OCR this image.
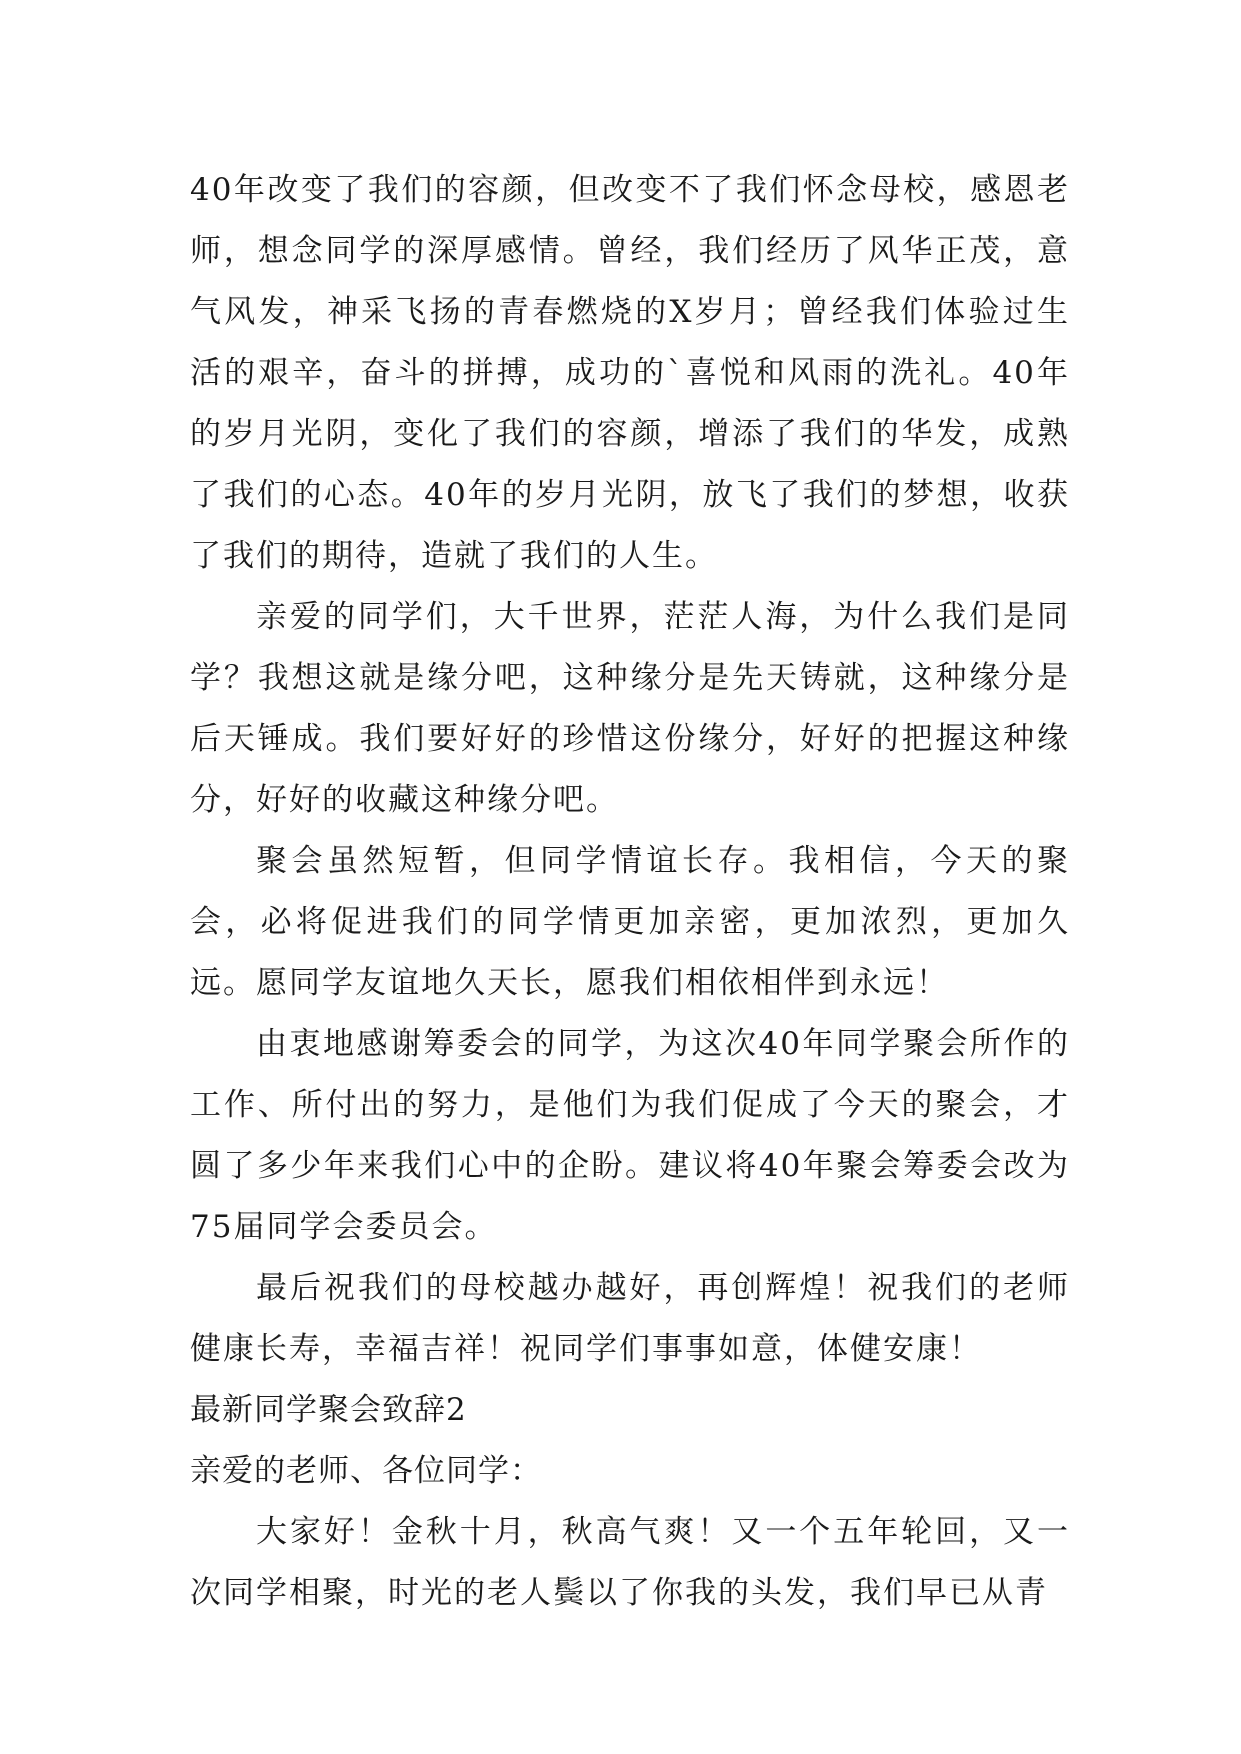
40年改变了我们的容颜，但改变不了我们怀念母校，感恩老师，想念同学的深厚感情。曾经，我们经历了风华正茂，意气风发，神采飞扬的青春燃烧的X岁月；曾经我们体验过生活的艰辛，奋斗的拼搏，成功的`喜悦和风雨的洗礼。40年的岁月光阴，变化了我们的容颜，增添了我们的华发，成熟了我们的心态。40年的岁月光阴，放飞了我们的梦想，收获了我们的期待，造就了我们的人生。

亲爱的同学们，大千世界，茫茫人海，为什么我们是同学？我想这就是缘分吧，这种缘分是先天铸就，这种缘分是后天锤成。我们要好好的珍惜这份缘分，好好的把握这种缘分，好好的收藏这种缘分吧。

聚会虽然短暂，但同学情谊长存。我相信，今天的聚会，必将促进我们的同学情更加亲密，更加浓烈，更加久远。愿同学友谊地久天长，愿我们相依相伴到永远！

由衷地感谢筹委会的同学，为这次40年同学聚会所作的工作、所付出的努力，是他们为我们促成了今天的聚会，才圆了多少年来我们心中的企盼。建议将40年聚会筹委会改为75届同学会委员会。

最后祝我们的母校越办越好，再创辉煌！祝我们的老师健康长寿，幸福吉祥！祝同学们事事如意，体健安康！

最新同学聚会致辞2

亲爱的老师、各位同学：

大家好！金秋十月，秋高气爽！又一个五年轮回，又一次同学相聚，时光的老人鬓以了你我的头发，我们早已从青
